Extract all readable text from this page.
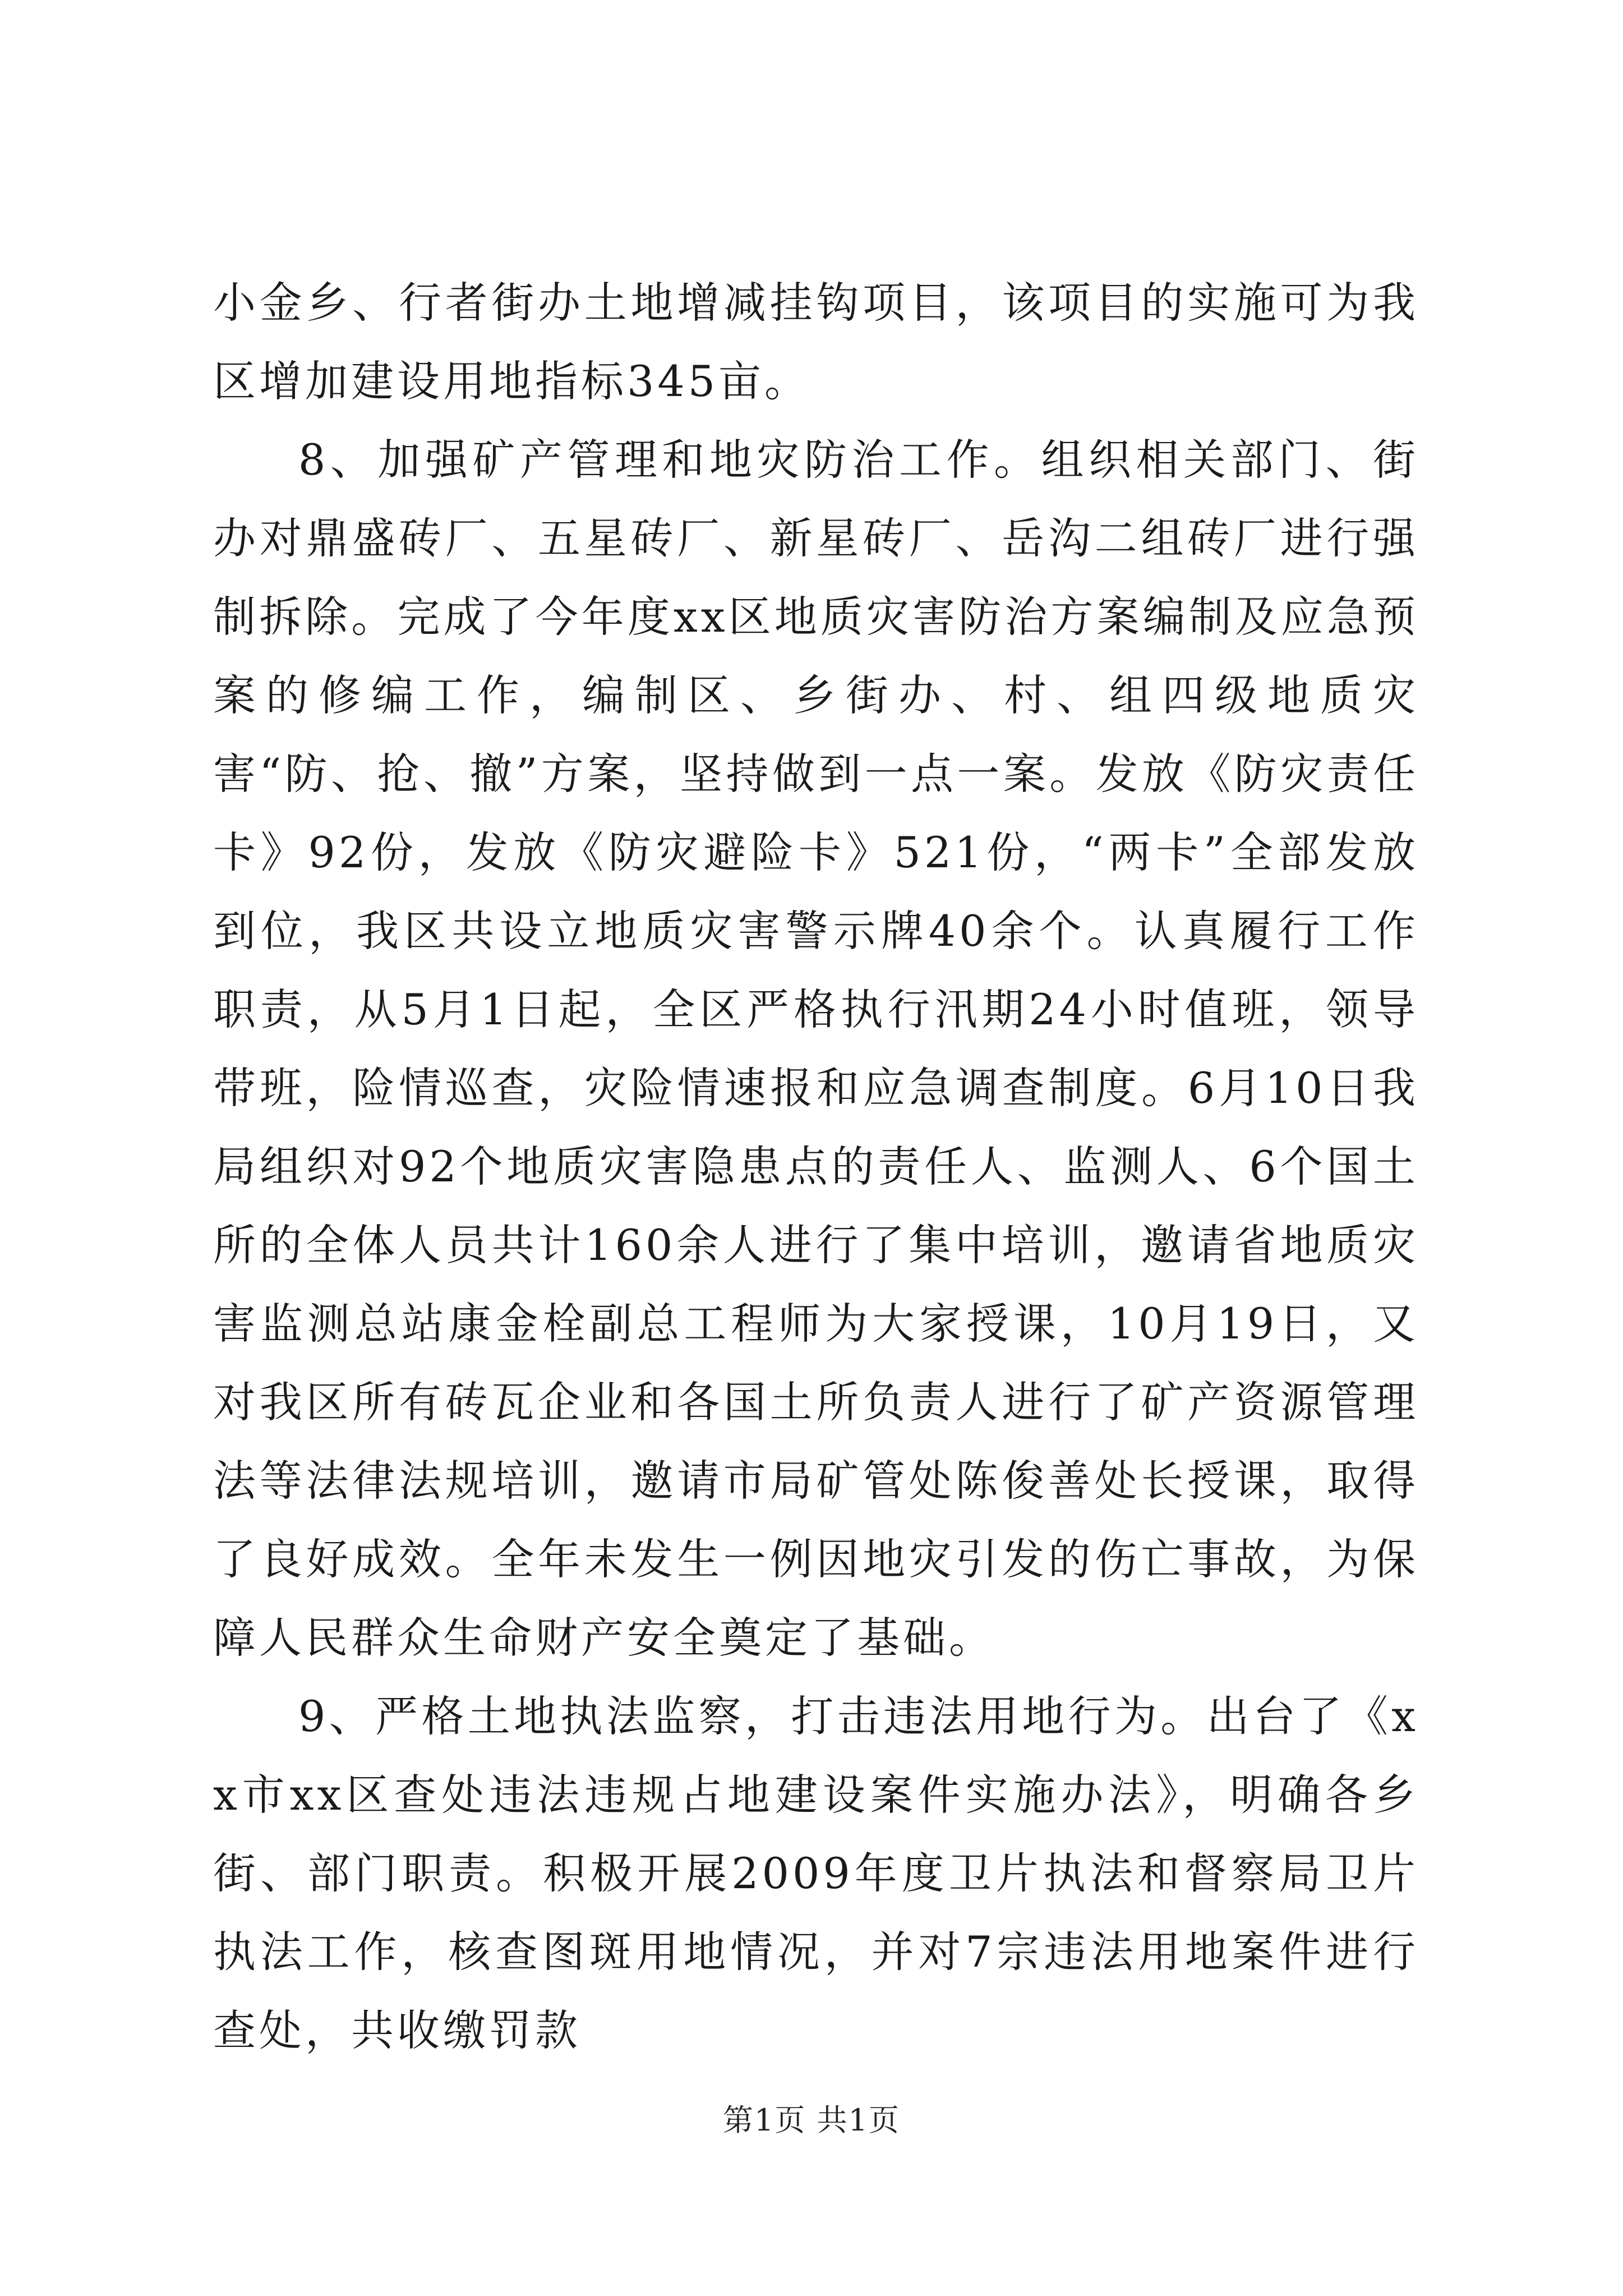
小金乡、行者街办土地增减挂钩项目，该项目的实施可为我区增加建设用地指标345亩。

8、加强矿产管理和地灾防治工作。组织相关部门、街办对鼎盛砖厂、五星砖厂、新星砖厂、岳沟二组砖厂进行强制拆除。完成了今年度xx区地质灾害防治方案编制及应急预案的修编工作，编制区、乡街办、村、组四级地质灾害“防、抢、撤”方案，坚持做到一点一案。发放《防灾责任卡》92份，发放《防灾避险卡》521份，“两卡”全部发放到位，我区共设立地质灾害警示牌40余个。认真履行工作职责，从5月1日起，全区严格执行汛期24小时值班，领导带班，险情巡查，灾险情速报和应急调查制度。6月10日我局组织对92个地质灾害隐患点的责任人、监测人、6个国土所的全体人员共计160余人进行了集中培训，邀请省地质灾害监测总站康金栓副总工程师为大家授课，10月19日，又对我区所有砖瓦企业和各国土所负责人进行了矿产资源管理法等法律法规培训，邀请市局矿管处陈俊善处长授课，取得了良好成效。全年未发生一例因地灾引发的伤亡事故，为保障人民群众生命财产安全奠定了基础。

9、严格土地执法监察，打击违法用地行为。出台了《xx市xx区查处违法违规占地建设案件实施办法》，明确各乡街、部门职责。积极开展2009年度卫片执法和督察局卫片执法工作，核查图斑用地情况，并对7宗违法用地案件进行查处，共收缴罚款

第1页 共1页
